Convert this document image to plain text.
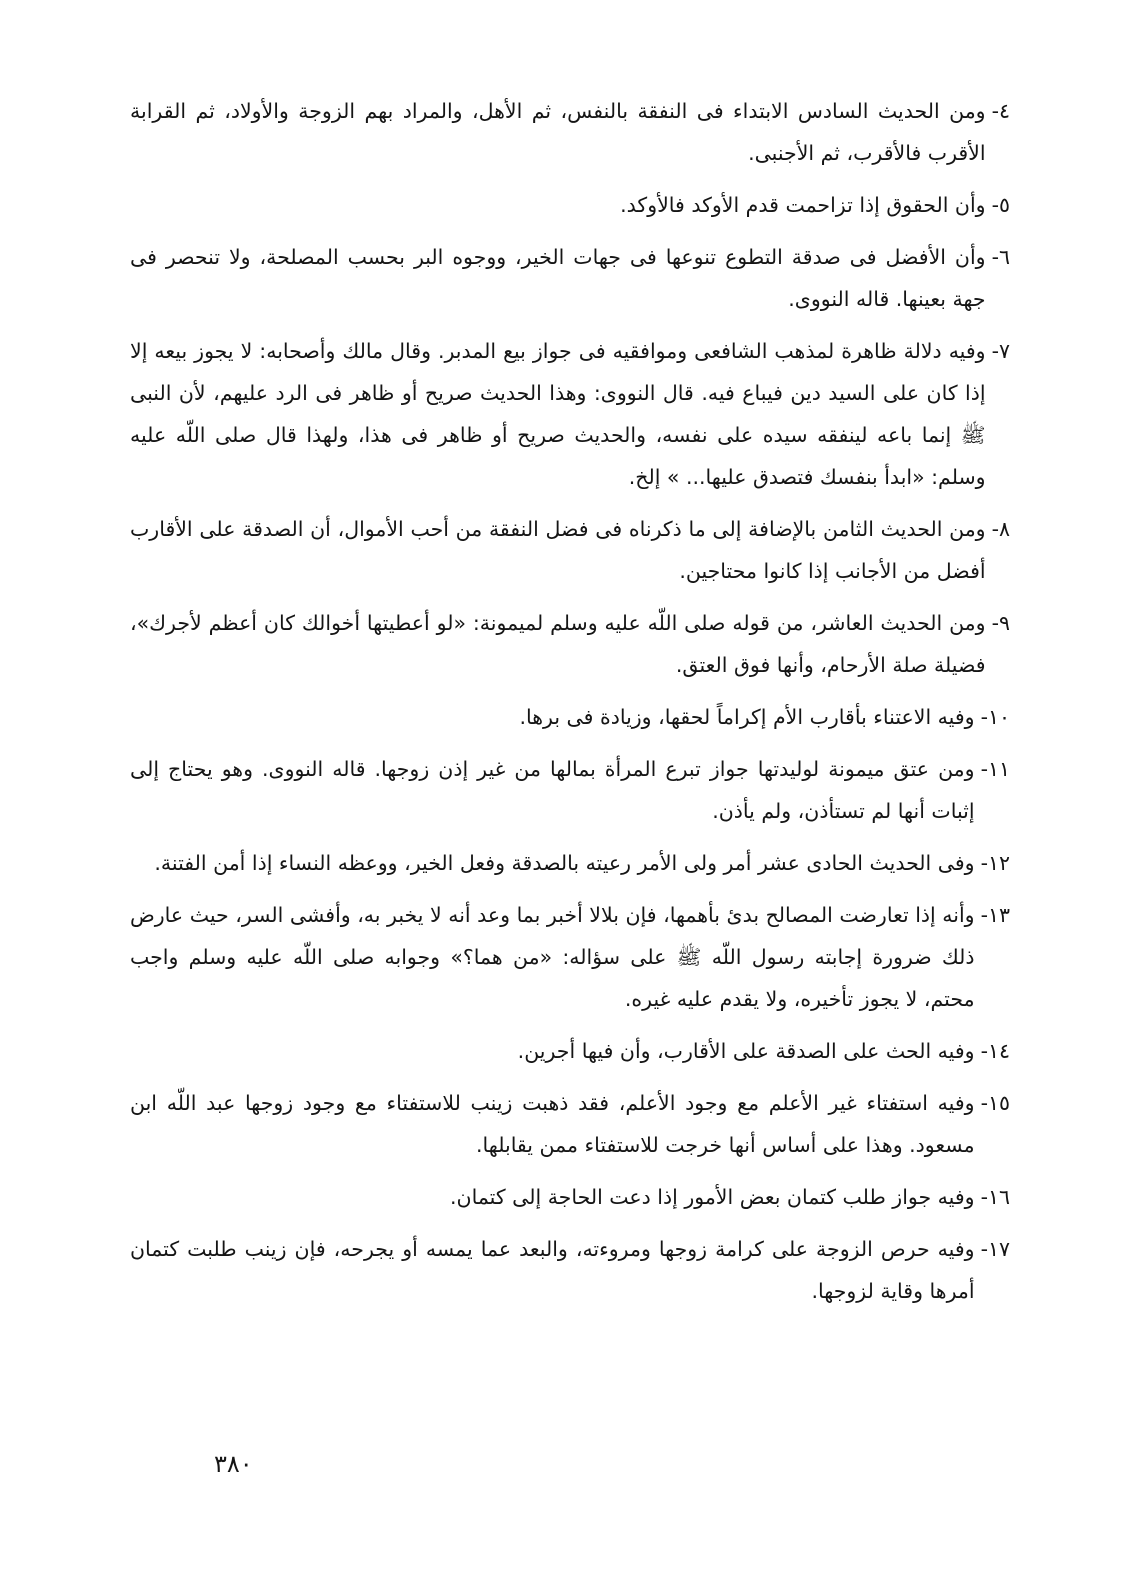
٤-
ومن الحديث السادس الابتداء فى النفقة بالنفس، ثم الأهل، والمراد بهم الزوجة والأولاد، ثم القرابة الأقرب فالأقرب، ثم الأجنبى.
٥-
وأن الحقوق إذا تزاحمت قدم الأوكد فالأوكد.
٦-
وأن الأفضل فى صدقة التطوع تنوعها فى جهات الخير، ووجوه البر بحسب المصلحة، ولا تنحصر فى جهة بعينها. قاله النووى.
٧-
وفيه دلالة ظاهرة لمذهب الشافعى وموافقيه فى جواز بيع المدبر. وقال مالك وأصحابه: لا يجوز بيعه إلا إذا كان على السيد دين فيباع فيه. قال النووى: وهذا الحديث صريح أو ظاهر فى الرد عليهم، لأن النبى ﷺ إنما باعه لينفقه سيده على نفسه، والحديث صريح أو ظاهر فى هذا، ولهذا قال صلى اللّه عليه وسلم: «ابدأ بنفسك فتصدق عليها... » إلخ.
٨-
ومن الحديث الثامن بالإضافة إلى ما ذكرناه فى فضل النفقة من أحب الأموال، أن الصدقة على الأقارب أفضل من الأجانب إذا كانوا محتاجين.
٩-
ومن الحديث العاشر، من قوله صلى اللّه عليه وسلم لميمونة: «لو أعطيتها أخوالك كان أعظم لأجرك»، فضيلة صلة الأرحام، وأنها فوق العتق.
١٠-
وفيه الاعتناء بأقارب الأم إكراماً لحقها، وزيادة فى برها.
١١-
ومن عتق ميمونة لوليدتها جواز تبرع المرأة بمالها من غير إذن زوجها. قاله النووى. وهو يحتاج إلى إثبات أنها لم تستأذن، ولم يأذن.
١٢-
وفى الحديث الحادى عشر أمر ولى الأمر رعيته بالصدقة وفعل الخير، ووعظه النساء إذا أمن الفتنة.
١٣-
وأنه إذا تعارضت المصالح بدئ بأهمها، فإن بلالا أخبر بما وعد أنه لا يخبر به، وأفشى السر، حيث عارض ذلك ضرورة إجابته رسول اللّه ﷺ على سؤاله: «من هما؟» وجوابه صلى اللّه عليه وسلم واجب محتم، لا يجوز تأخيره، ولا يقدم عليه غيره.
١٤-
وفيه الحث على الصدقة على الأقارب، وأن فيها أجرين.
١٥-
وفيه استفتاء غير الأعلم مع وجود الأعلم، فقد ذهبت زينب للاستفتاء مع وجود زوجها عبد اللّه ابن مسعود. وهذا على أساس أنها خرجت للاستفتاء ممن يقابلها.
١٦-
وفيه جواز طلب كتمان بعض الأمور إذا دعت الحاجة إلى كتمان.
١٧-
وفيه حرص الزوجة على كرامة زوجها ومروءته، والبعد عما يمسه أو يجرحه، فإن زينب طلبت كتمان أمرها وقاية لزوجها.
٣٨٠
